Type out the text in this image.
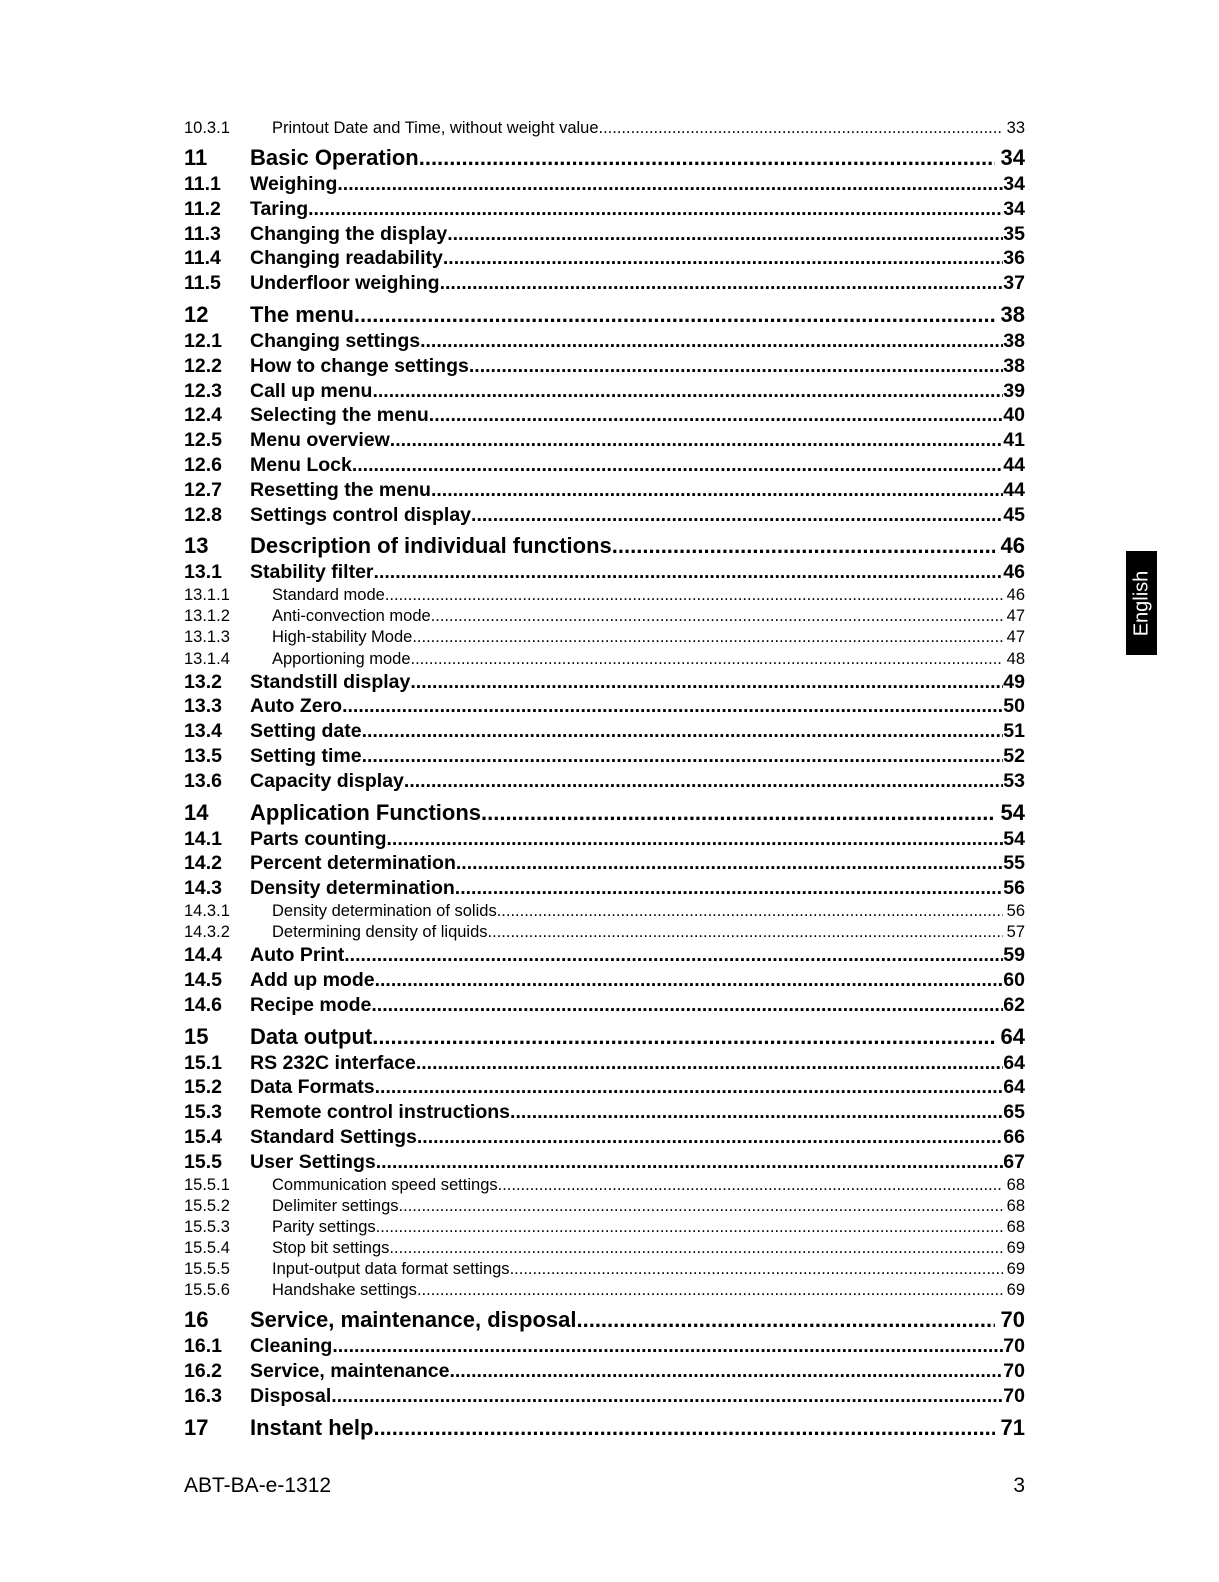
10.3.1	Printout Date and Time, without weight value .....	33
11	Basic Operation .....	34
11.1	Weighing .....	34
11.2	Taring .....	34
11.3	Changing the display .....	35
11.4	Changing readability .....	36
11.5	Underfloor weighing .....	37
12	The menu .....	38
12.1	Changing settings .....	38
12.2	How to change settings .....	38
12.3	Call up menu .....	39
12.4	Selecting the menu .....	40
12.5	Menu overview .....	41
12.6	Menu Lock .....	44
12.7	Resetting the menu .....	44
12.8	Settings control display .....	45
13	Description of individual functions .....	46
13.1	Stability filter .....	46
13.1.1	Standard mode .....	46
13.1.2	Anti-convection mode .....	47
13.1.3	High-stability Mode .....	47
13.1.4	Apportioning mode .....	48
13.2	Standstill display .....	49
13.3	Auto Zero .....	50
13.4	Setting date .....	51
13.5	Setting time .....	52
13.6	Capacity display .....	53
14	Application Functions .....	54
14.1	Parts counting .....	54
14.2	Percent determination .....	55
14.3	Density determination .....	56
14.3.1	Density determination of solids .....	56
14.3.2	Determining density of liquids .....	57
14.4	Auto Print .....	59
14.5	Add up mode .....	60
14.6	Recipe mode .....	62
15	Data output .....	64
15.1	RS 232C interface .....	64
15.2	Data Formats .....	64
15.3	Remote control instructions .....	65
15.4	Standard Settings .....	66
15.5	User Settings .....	67
15.5.1	Communication speed settings .....	68
15.5.2	Delimiter settings .....	68
15.5.3	Parity settings .....	68
15.5.4	Stop bit settings .....	69
15.5.5	Input-output data format settings .....	69
15.5.6	Handshake settings .....	69
16	Service, maintenance, disposal .....	70
16.1	Cleaning .....	70
16.2	Service, maintenance .....	70
16.3	Disposal .....	70
17	Instant help .....	71
English
ABT-BA-e-1312	3
